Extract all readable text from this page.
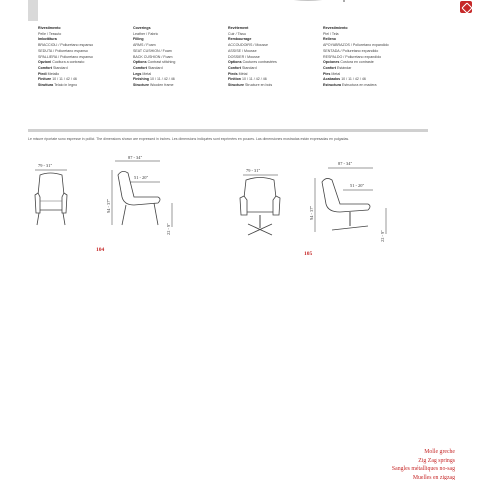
Rivestimento
Pelle / Tessuto
Imbottitura
BRACCIOLI / Poliuretano espanso
SEDUTA / Poliuretano espanso
SPALLIERA / Poliuretano espanso
Opzioni Cucitura a contrasto
Comfort Standard
Piedi Metallo
Finiture 10 / 11 / 42 / 46
Struttura Telaio in legno
Coverings
Leather / Fabric
Filling
ARMS / Foam
SEAT CUSHION / Foam
BACK CUSHION / Foam
Options Contrast stitching
Comfort Standard
Legs Metal
Finishing 10 / 11 / 42 / 46
Structure Wooden frame
Revêtement
Cuir / Tissu
Rembourrage
ACCOUDOIRS / Mousse
ASSISE / Mousse
DOSSIER / Mousse
Options Coutures contrastées
Confort Standard
Pieds Métal
Finition 10 / 11 / 42 / 46
Structure Structure en bois
Revestimiento
Piel / Tela
Relleno
APOYABRAZOS / Poliuretano expandido
SENTADA / Poliuretano expandido
RESPALDO / Poliuretano expandido
Opciones Costura en contraste
Confort Estándar
Pies Metal
Acabados 10 / 11 / 42 / 46
Estructura Estructura en madera
Le misure riportate sono espresse in pollici. The dimensions shown are expressed in inches. Les dimensions indiquées sont exprimées en pouces. Las dimensiones mostradas están expresadas en pulgadas.
79 - 31"
87 - 34"
51 - 20"
94 - 37"
22 - 9"
104
79 - 31"
87 - 34"
51 - 20"
94 - 37"
22 - 9"
105
Molle greche
Zig Zag springs
Sangles métalliques no-sag
Muelles en zigzag
